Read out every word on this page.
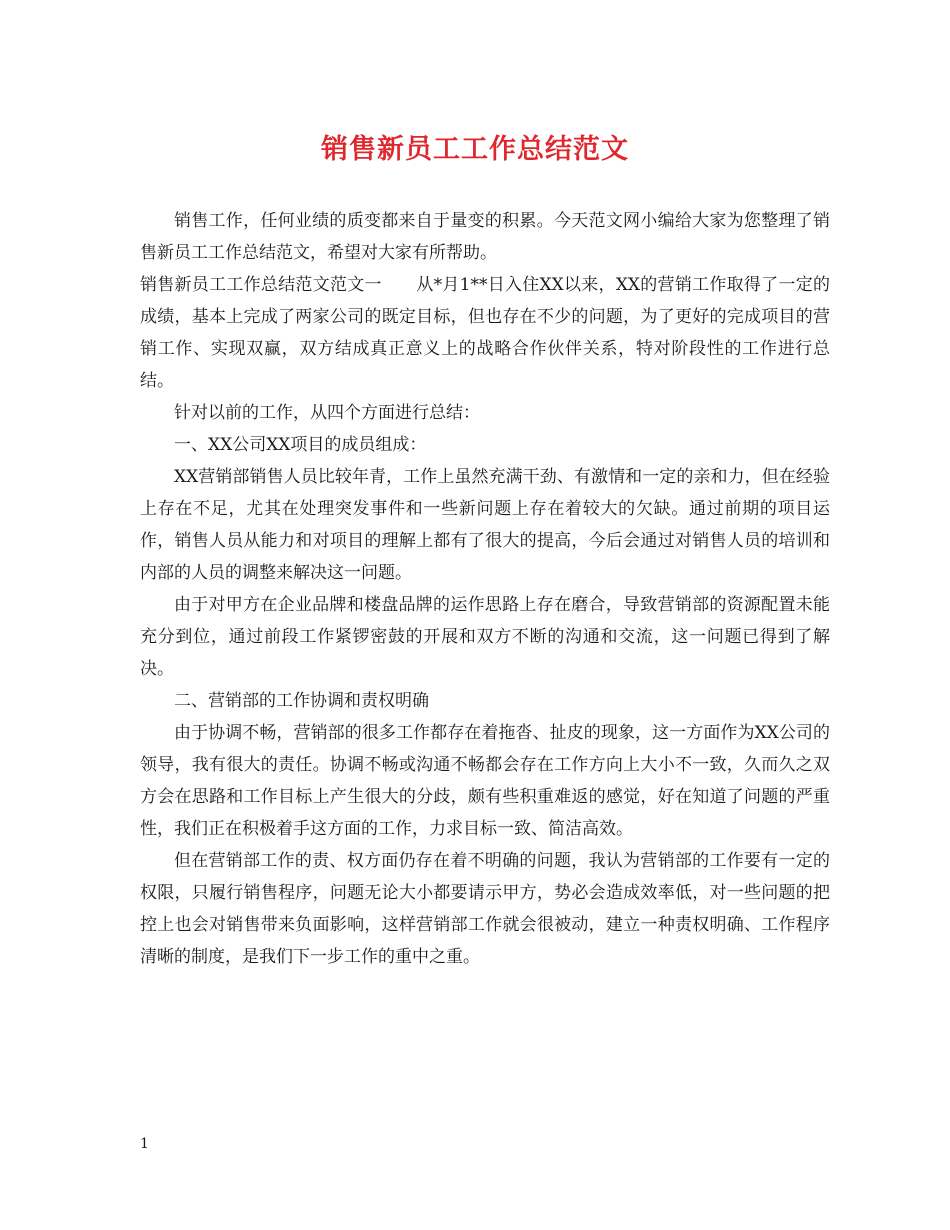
销售新员工工作总结范文

销售工作，任何业绩的质变都来自于量变的积累。今天范文网小编给大家为您整理了销售新员工工作总结范文，希望对大家有所帮助。

销售新员工工作总结范文范文一　　从*月1**日入住XX以来，XX的营销工作取得了一定的成绩，基本上完成了两家公司的既定目标，但也存在不少的问题，为了更好的完成项目的营销工作、实现双赢，双方结成真正意义上的战略合作伙伴关系，特对阶段性的工作进行总结。

针对以前的工作，从四个方面进行总结：

一、XX公司XX项目的成员组成：

XX营销部销售人员比较年青，工作上虽然充满干劲、有激情和一定的亲和力，但在经验上存在不足，尤其在处理突发事件和一些新问题上存在着较大的欠缺。通过前期的项目运作，销售人员从能力和对项目的理解上都有了很大的提高，今后会通过对销售人员的培训和内部的人员的调整来解决这一问题。

由于对甲方在企业品牌和楼盘品牌的运作思路上存在磨合，导致营销部的资源配置未能充分到位，通过前段工作紧锣密鼓的开展和双方不断的沟通和交流，这一问题已得到了解决。

二、营销部的工作协调和责权明确

由于协调不畅，营销部的很多工作都存在着拖沓、扯皮的现象，这一方面作为XX公司的领导，我有很大的责任。协调不畅或沟通不畅都会存在工作方向上大小不一致，久而久之双方会在思路和工作目标上产生很大的分歧，颇有些积重难返的感觉，好在知道了问题的严重性，我们正在积极着手这方面的工作，力求目标一致、简洁高效。

但在营销部工作的责、权方面仍存在着不明确的问题，我认为营销部的工作要有一定的权限，只履行销售程序，问题无论大小都要请示甲方，势必会造成效率低，对一些问题的把控上也会对销售带来负面影响，这样营销部工作就会很被动，建立一种责权明确、工作程序清晰的制度，是我们下一步工作的重中之重。

1
